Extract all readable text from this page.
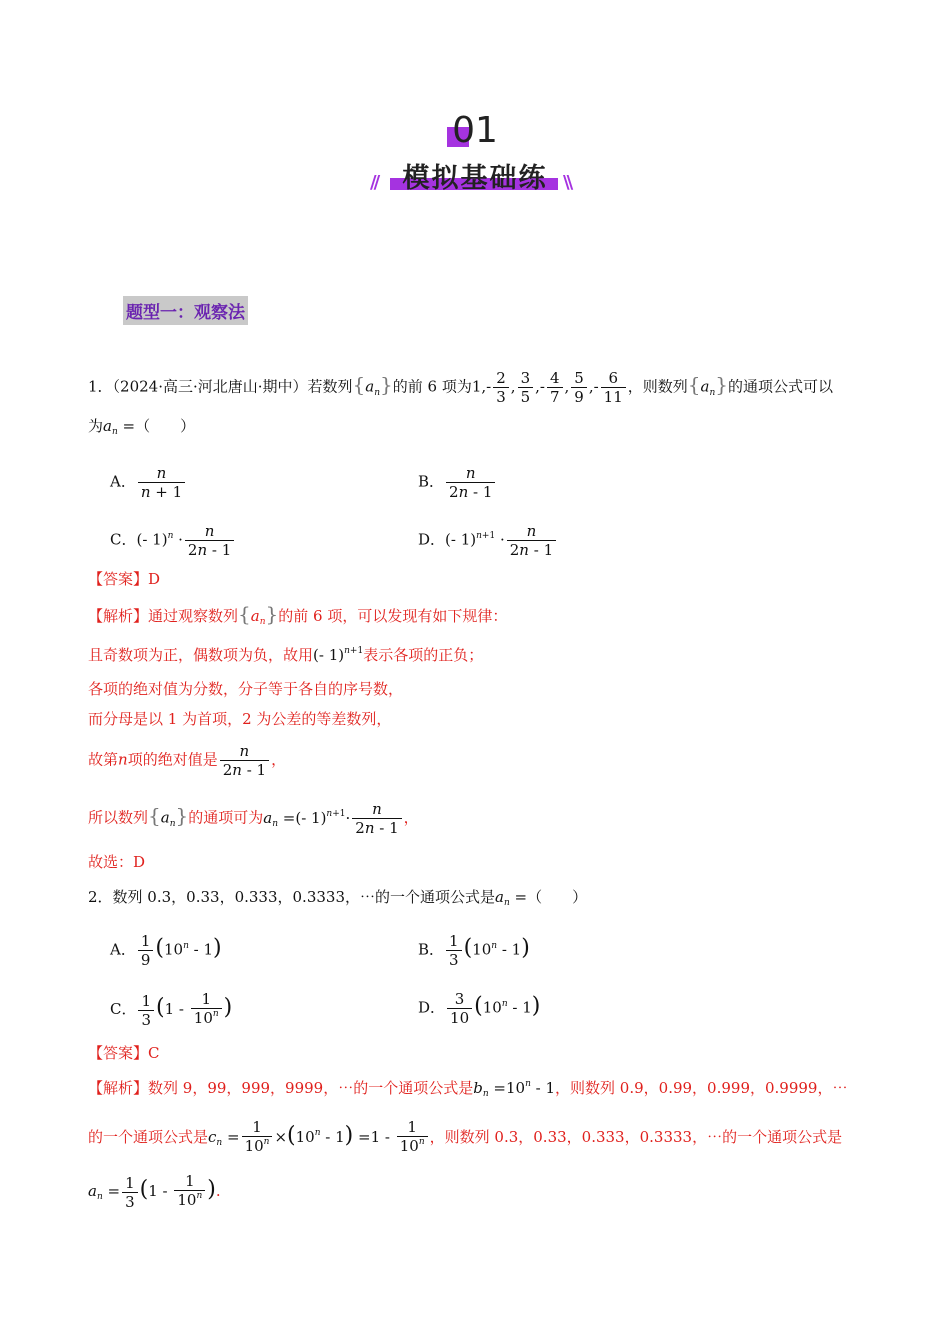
01
//	\\
模拟基础练
题型一：观察法
1．（2024·高三·河北唐山·期中）若数列$\{a_n\}$的前 6 项为$1,- \frac{2}{3}$ , $\frac{3}{5}$ ,- $\frac{4}{7}$ , $\frac{5}{9}$ ,- $\frac{6}{11}$ ，则数列$\{a_n\}$的通项公式可以
为$a_n$ =（　　）
A． $\frac{n}{n + 1}$	B． $\frac{n}{2n - 1}$
C．(- $1)^n \cdot \frac{n}{2n - 1}$	D．(- $1)^{n+1} \cdot \frac{n}{2n - 1}$
【答案】D
【解析】通过观察数列$\{a_n\}$的前 6 项，可以发现有如下规律：
且奇数项为正，偶数项为负，故用(- 1)$^{n+1}$表示各项的正负；
各项的绝对值为分数，分子等于各自的序号数，
而分母是以 1 为首项，2 为公差的等差数列，
故第n项的绝对值是 $\frac{n}{2n - 1}$ ，
所以数列$\{a_n\}$的通项可为$a_n$ =(- $1)^{n+1}\cdot \frac{n}{2n - 1}$ ，
故选：D
2．数列 0.3，0.33，0.333，0.3333，⋯的一个通项公式是$a_n$ =（　　）
A． $\frac{1}{9} (10^n - 1)$	B． $\frac{1}{3} (10^n - 1)$
C． $\frac{1}{3} (1 - \frac{1}{10^n}$ )	D． $\frac{3}{10} (10^n - 1)$
【答案】C
【解析】数列 9，99，999，9999，⋯的一个通项公式是$b_n =10^n - 1$，则数列 0.9，0.99，0.999，0.9999，⋯
的一个通项公式是$c_n = \frac{1}{10^n} \times(10^n - 1) =1 - \frac{1}{10^n}$ ，则数列 0.3，0.33，0.333，0.3333，⋯的一个通项公式是
$a_n = \frac{1}{3} (1 - \frac{1}{10^n}$ ).
